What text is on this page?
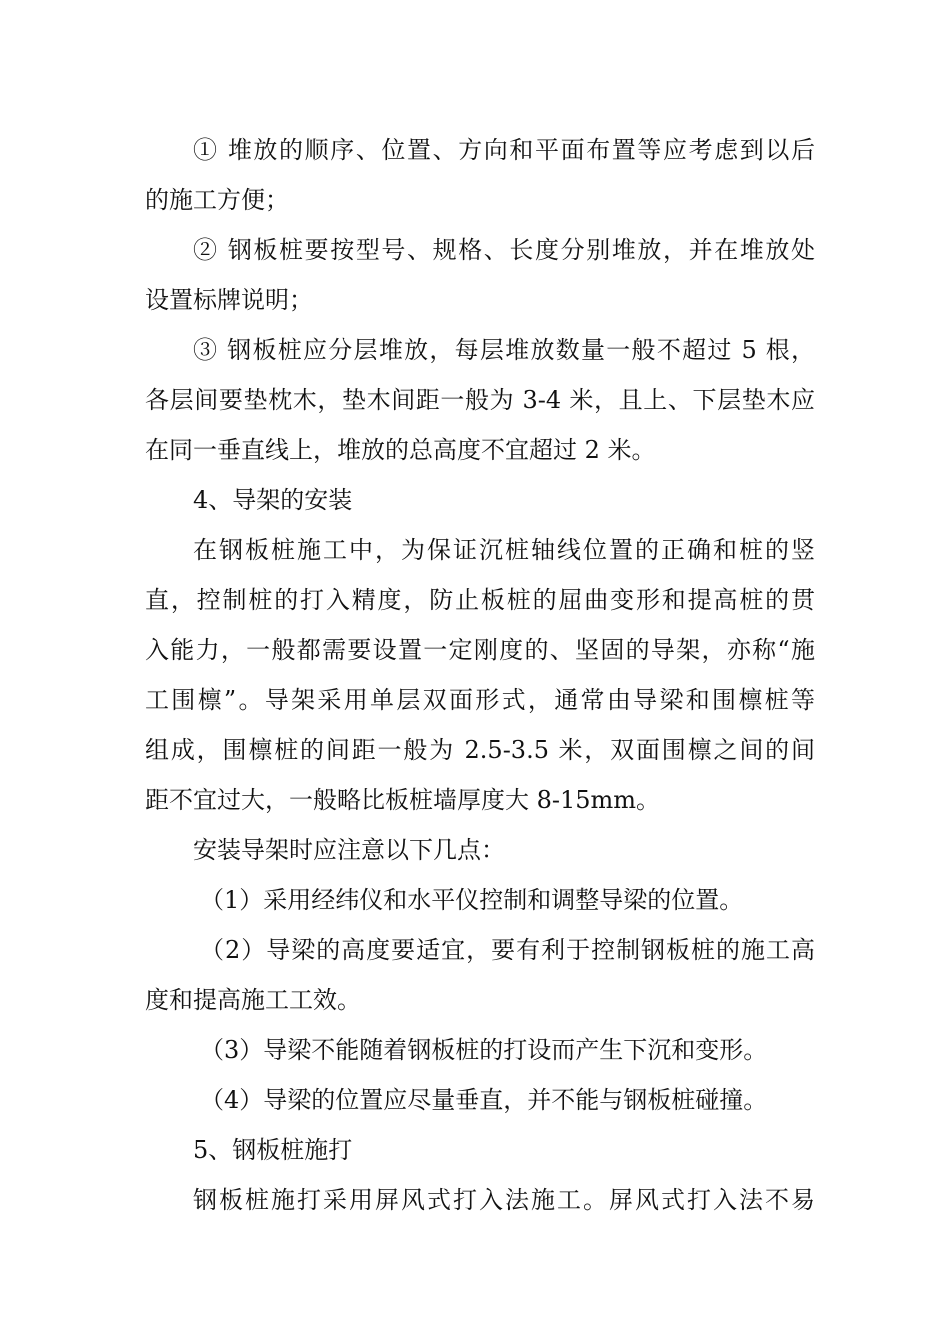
① 堆放的顺序、位置、方向和平面布置等应考虑到以后
的施工方便；
② 钢板桩要按型号、规格、长度分别堆放，并在堆放处
设置标牌说明；
③ 钢板桩应分层堆放，每层堆放数量一般不超过 5 根，
各层间要垫枕木，垫木间距一般为 3-4 米，且上、下层垫木应
在同一垂直线上，堆放的总高度不宜超过 2 米。
4、导架的安装
在钢板桩施工中，为保证沉桩轴线位置的正确和桩的竖
直，控制桩的打入精度，防止板桩的屈曲变形和提高桩的贯
入能力，一般都需要设置一定刚度的、坚固的导架，亦称“施
工围檩”。导架采用单层双面形式，通常由导梁和围檩桩等
组成，围檩桩的间距一般为 2.5-3.5 米，双面围檩之间的间
距不宜过大，一般略比板桩墙厚度大 8-15mm。
安装导架时应注意以下几点：
（1）采用经纬仪和水平仪控制和调整导梁的位置。
（2）导梁的高度要适宜，要有利于控制钢板桩的施工高
度和提高施工工效。
（3）导梁不能随着钢板桩的打设而产生下沉和变形。
（4）导梁的位置应尽量垂直，并不能与钢板桩碰撞。
5、钢板桩施打
钢板桩施打采用屏风式打入法施工。屏风式打入法不易
